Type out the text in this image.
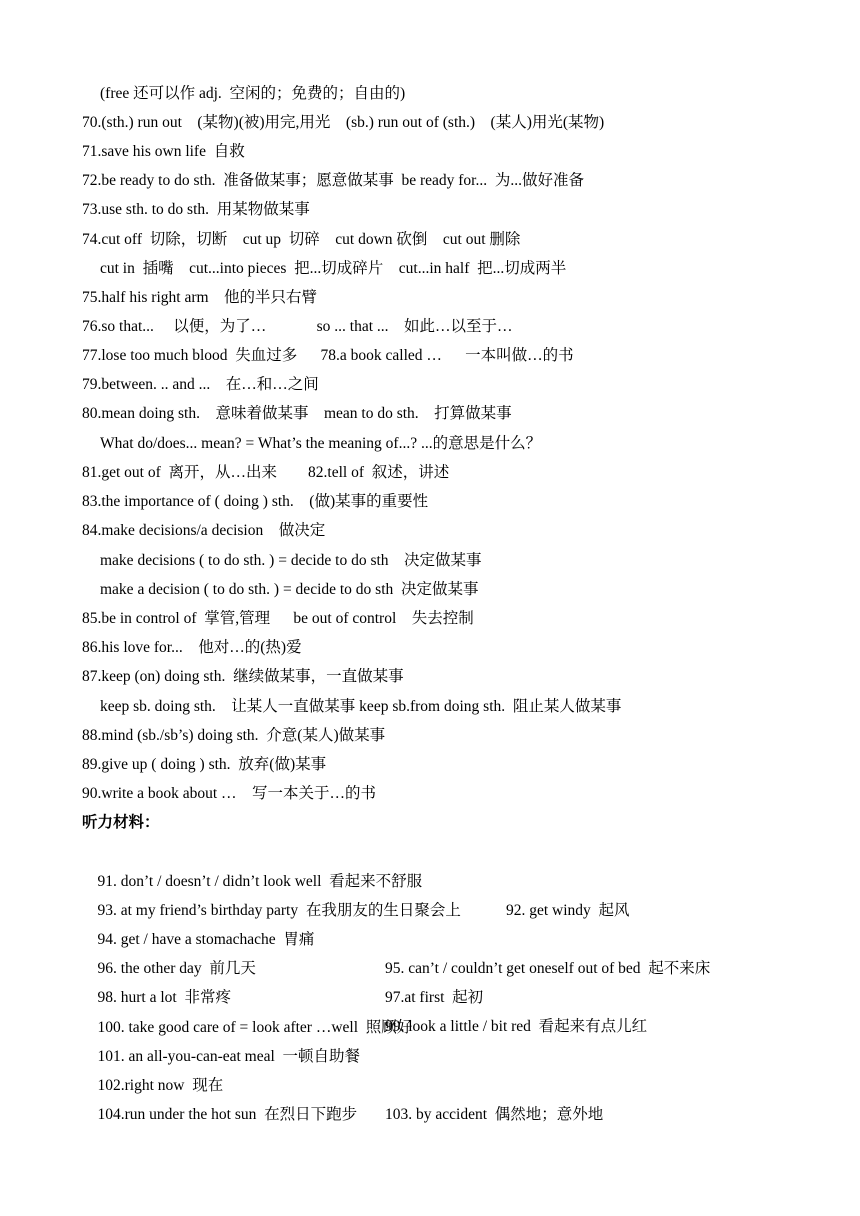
(free 还可以作 adj.  空闲的；免费的；自由的)
70.(sth.) run out    (某物)(被)用完,用光    (sb.) run out of (sth.)    (某人)用光(某物)
71.save his own life  自救
72.be ready to do sth.  准备做某事；愿意做某事  be ready for...  为...做好准备
73.use sth. to do sth.  用某物做某事
74.cut off  切除，切断    cut up  切碎    cut down 砍倒    cut out 删除
cut in  插嘴    cut...into pieces  把...切成碎片    cut...in half  把...切成两半
75.half his right arm    他的半只右臂
76.so that...     以便，为了…             so ... that ...    如此…以至于…
77.lose too much blood  失血过多      78.a book called …      一本叫做…的书
79.between. .. and ...    在…和…之间
80.mean doing sth.    意味着做某事    mean to do sth.    打算做某事
What do/does... mean? = What’s the meaning of...? ...的意思是什么？
81.get out of  离开，从…出来        82.tell of  叙述，讲述
83.the importance of ( doing ) sth.    (做)某事的重要性
84.make decisions/a decision    做决定
make decisions ( to do sth. ) = decide to do sth    决定做某事
make a decision ( to do sth. ) = decide to do sth  决定做某事
85.be in control of  掌管,管理      be out of control    失去控制
86.his love for...    他对…的(热)爱
87.keep (on) doing sth.  继续做某事，一直做某事
keep sb. doing sth.    让某人一直做某事 keep sb.from doing sth.  阻止某人做某事
88.mind (sb./sb’s) doing sth.  介意(某人)做某事
89.give up ( doing ) sth.  放弃(做)某事
90.write a book about …    写一本关于…的书
听力材料：

91. don’t / doesn’t / didn’t look well  看起来不舒服

92. get windy  起风

93. at my friend’s birthday party  在我朋友的生日聚会上

94. get / have a stomachache  胃痛

95. can’t / couldn’t get oneself out of bed  起不来床

96. the other day  前几天

97.at first  起初

98. hurt a lot  非常疼

99. look a little / bit red  看起来有点儿红

100. take good care of = look after …well  照顾好

101. an all-you-can-eat meal  一顿自助餐

102.right now  现在

103. by accident  偶然地；意外地

104.run under the hot sun  在烈日下跑步
